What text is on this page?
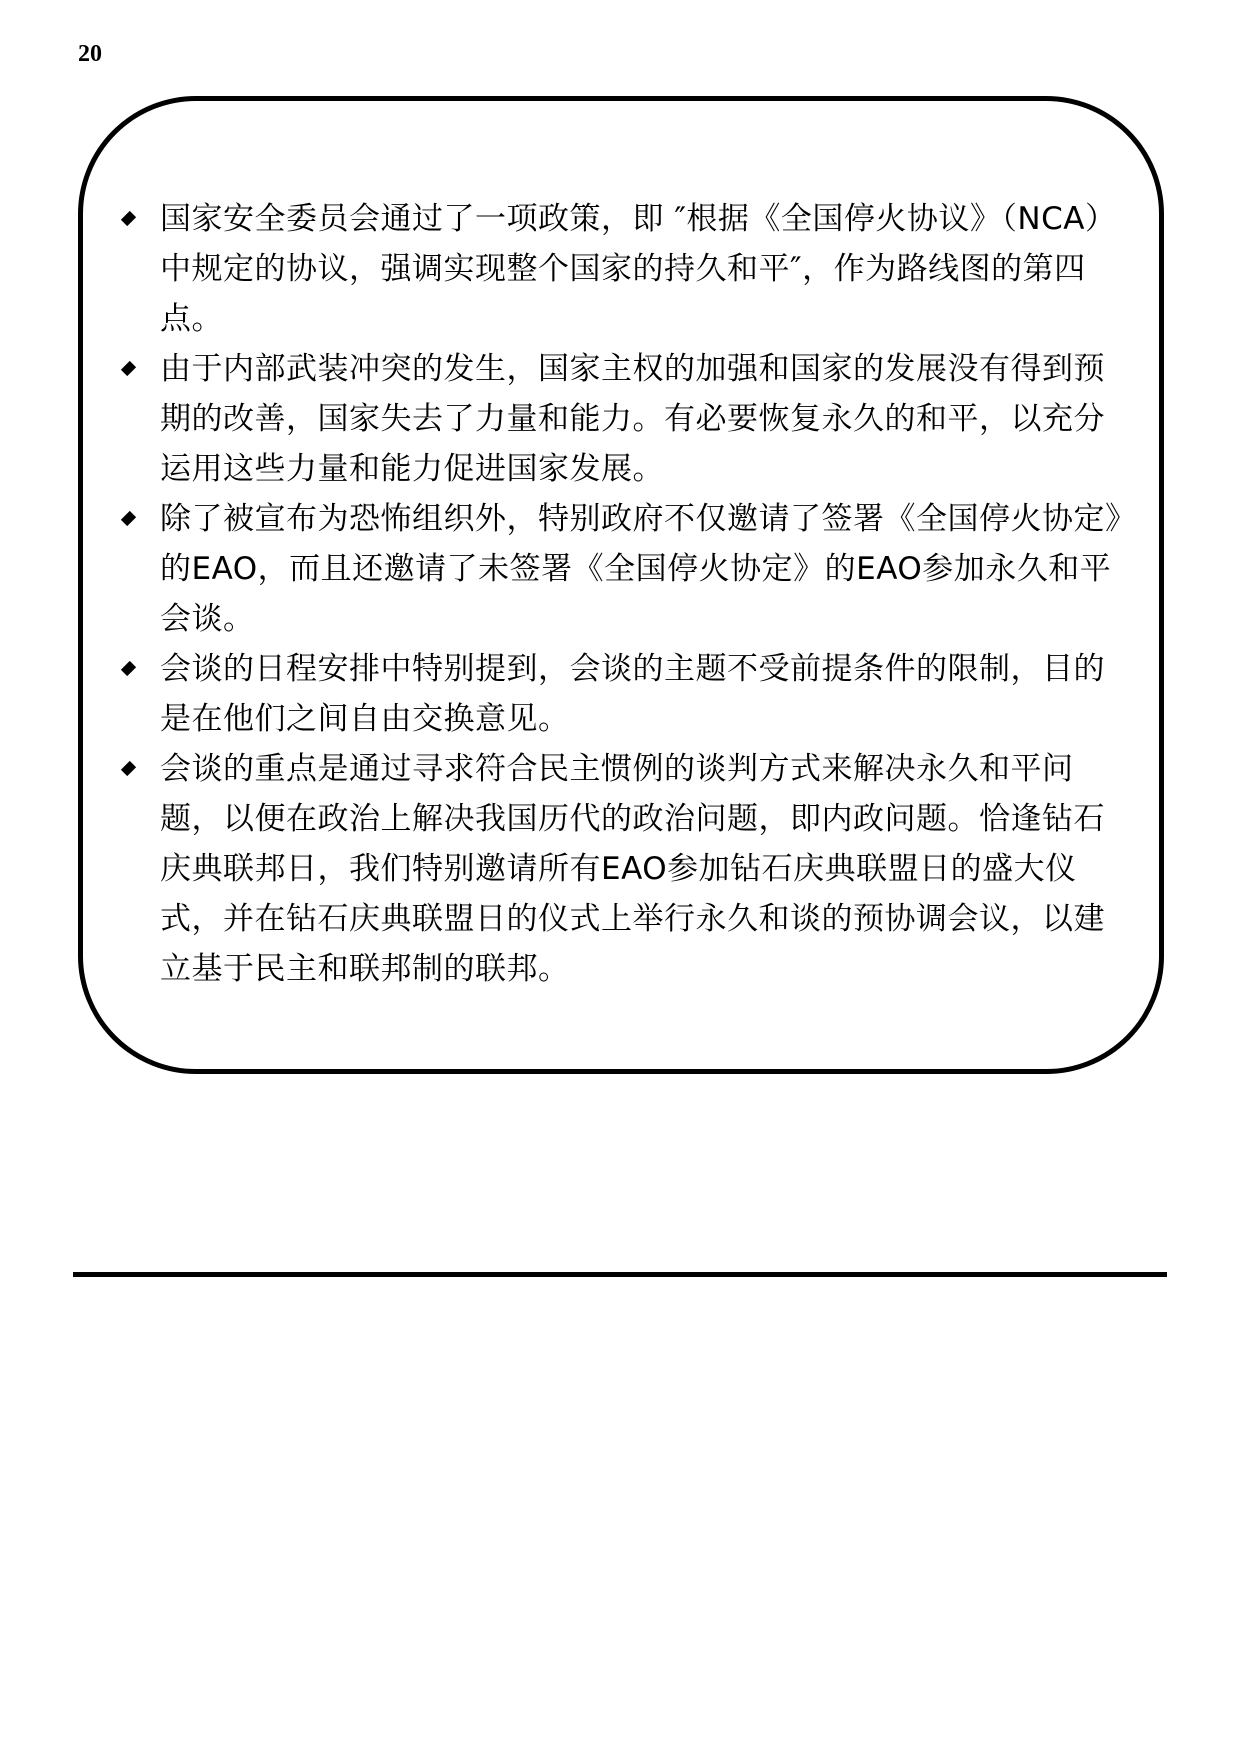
20
国家安全委员会通过了一项政策，即 ″根据《全国停火协议》（NCA）中规定的协议，强调实现整个国家的持久和平″，作为路线图的第四点。
由于内部武装冲突的发生，国家主权的加强和国家的发展没有得到预期的改善，国家失去了力量和能力。有必要恢复永久的和平，以充分运用这些力量和能力促进国家发展。
除了被宣布为恐怖组织外，特别政府不仅邀请了签署《全国停火协定》的EAO，而且还邀请了未签署《全国停火协定》的EAO参加永久和平会谈。
会谈的日程安排中特别提到，会谈的主题不受前提条件的限制，目的是在他们之间自由交换意见。
会谈的重点是通过寻求符合民主惯例的谈判方式来解决永久和平问题，以便在政治上解决我国历代的政治问题，即内政问题。恰逢钻石庆典联邦日，我们特别邀请所有EAO参加钻石庆典联盟日的盛大仪式，并在钻石庆典联盟日的仪式上举行永久和谈的预协调会议，以建立基于民主和联邦制的联邦。
